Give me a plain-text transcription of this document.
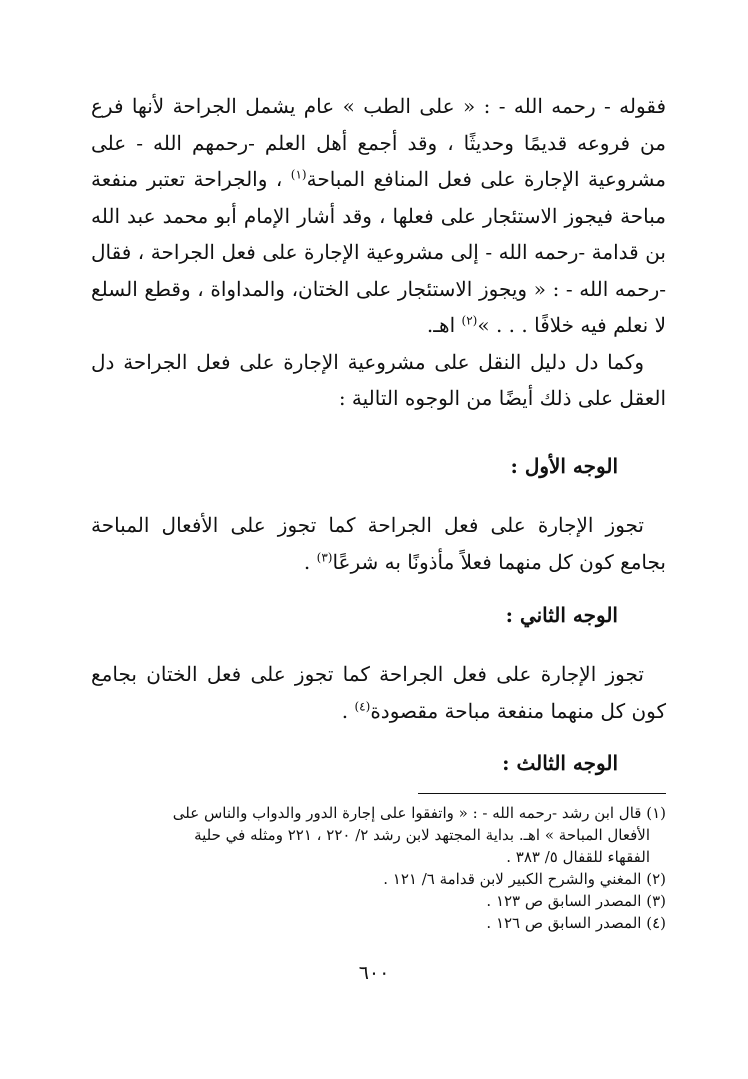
فقوله - رحمه الله - : « على الطب » عام يشمل الجراحة لأنها فرع من فروعه قديمًا وحديثًا ، وقد أجمع أهل العلم -رحمهم الله - على مشروعية الإجارة على فعل المنافع المباحة$^{(١)}$ ، والجراحة تعتبر منفعة مباحة فيجوز الاستئجار على فعلها ، وقد أشار الإمام أبو محمد عبد الله بن قدامة -رحمه الله - إلى مشروعية الإجارة على فعل الجراحة ، فقال -رحمه الله - : « ويجوز الاستئجار على الختان، والمداواة ، وقطع السلع لا نعلم فيه خلافًا . . . »$^{(٢)}$ اهـ.

وكما دل دليل النقل على مشروعية الإجارة على فعل الجراحة دل العقل على ذلك أيضًا من الوجوه التالية :

الوجه الأول :
تجوز الإجارة على فعل الجراحة كما تجوز على الأفعال المباحة بجامع كون كل منهما فعلاً مأذونًا به شرعًا$^{(٣)}$ .
الوجه الثاني :
تجوز الإجارة على فعل الجراحة كما تجوز على فعل الختان بجامع كون كل منهما منفعة مباحة مقصودة$^{(٤)}$ .
الوجه الثالث :

(١) قال ابن رشد -رحمه الله - : « واتفقوا على إجارة الدور والدواب والناس على

الأفعال المباحة » اهـ. بداية المجتهد لابن رشد ٢/ ٢٢٠ ، ٢٢١ ومثله في حلية

الفقهاء للقفال ٥/ ٣٨٣ .

(٢) المغني والشرح الكبير لابن قدامة ٦/ ١٢١ .

(٣) المصدر السابق ص ١٢٣ .

(٤) المصدر السابق ص ١٢٦ .

٦٠٠
